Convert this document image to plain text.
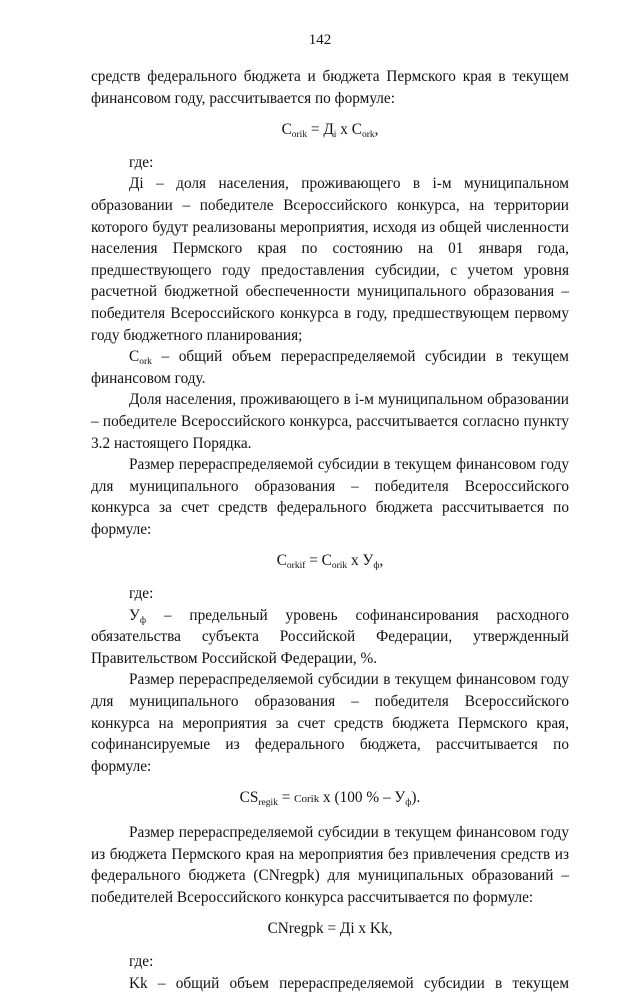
142

средств федерального бюджета и бюджета Пермского края в текущем финансовом году, рассчитывается по формуле:

$C_{orik} = Д_i$ x $C_{ork}$,

где:

Дi – доля населения, проживающего в i-м муниципальном образовании – победителе Всероссийского конкурса, на территории которого будут реализованы мероприятия, исходя из общей численности населения Пермского края по состоянию на 01 января года, предшествующего году предоставления субсидии, с учетом уровня расчетной бюджетной обеспеченности муниципального образования – победителя Всероссийского конкурса в году, предшествующем первому году бюджетного планирования;

$C_{ork}$ – общий объем перераспределяемой субсидии в текущем финансовом году.

Доля населения, проживающего в i-м муниципальном образовании – победителе Всероссийского конкурса, рассчитывается согласно пункту 3.2 настоящего Порядка.

Размер перераспределяемой субсидии в текущем финансовом году для муниципального образования – победителя Всероссийского конкурса за счет средств федерального бюджета рассчитывается по формуле:

$C_{orkif} = C_{orik}$ x $У_ф$,

где:

$У_ф$ – предельный уровень софинансирования расходного обязательства субъекта Российской Федерации, утвержденный Правительством Российской Федерации, %.

Размер перераспределяемой субсидии в текущем финансовом году для муниципального образования – победителя Всероссийского конкурса на мероприятия за счет средств бюджета Пермского края, софинансируемые из федерального бюджета, рассчитывается по формуле:

$CS_{regik}$ = Corik x (100 % – $У_ф$).

Размер перераспределяемой субсидии в текущем финансовом году из бюджета Пермского края на мероприятия без привлечения средств из федерального бюджета (CNregpk) для муниципальных образований – победителей Всероссийского конкурса рассчитывается по формуле:

CNregpk = Дi x Kk,

где:

Kk – общий объем перераспределяемой субсидии в текущем
